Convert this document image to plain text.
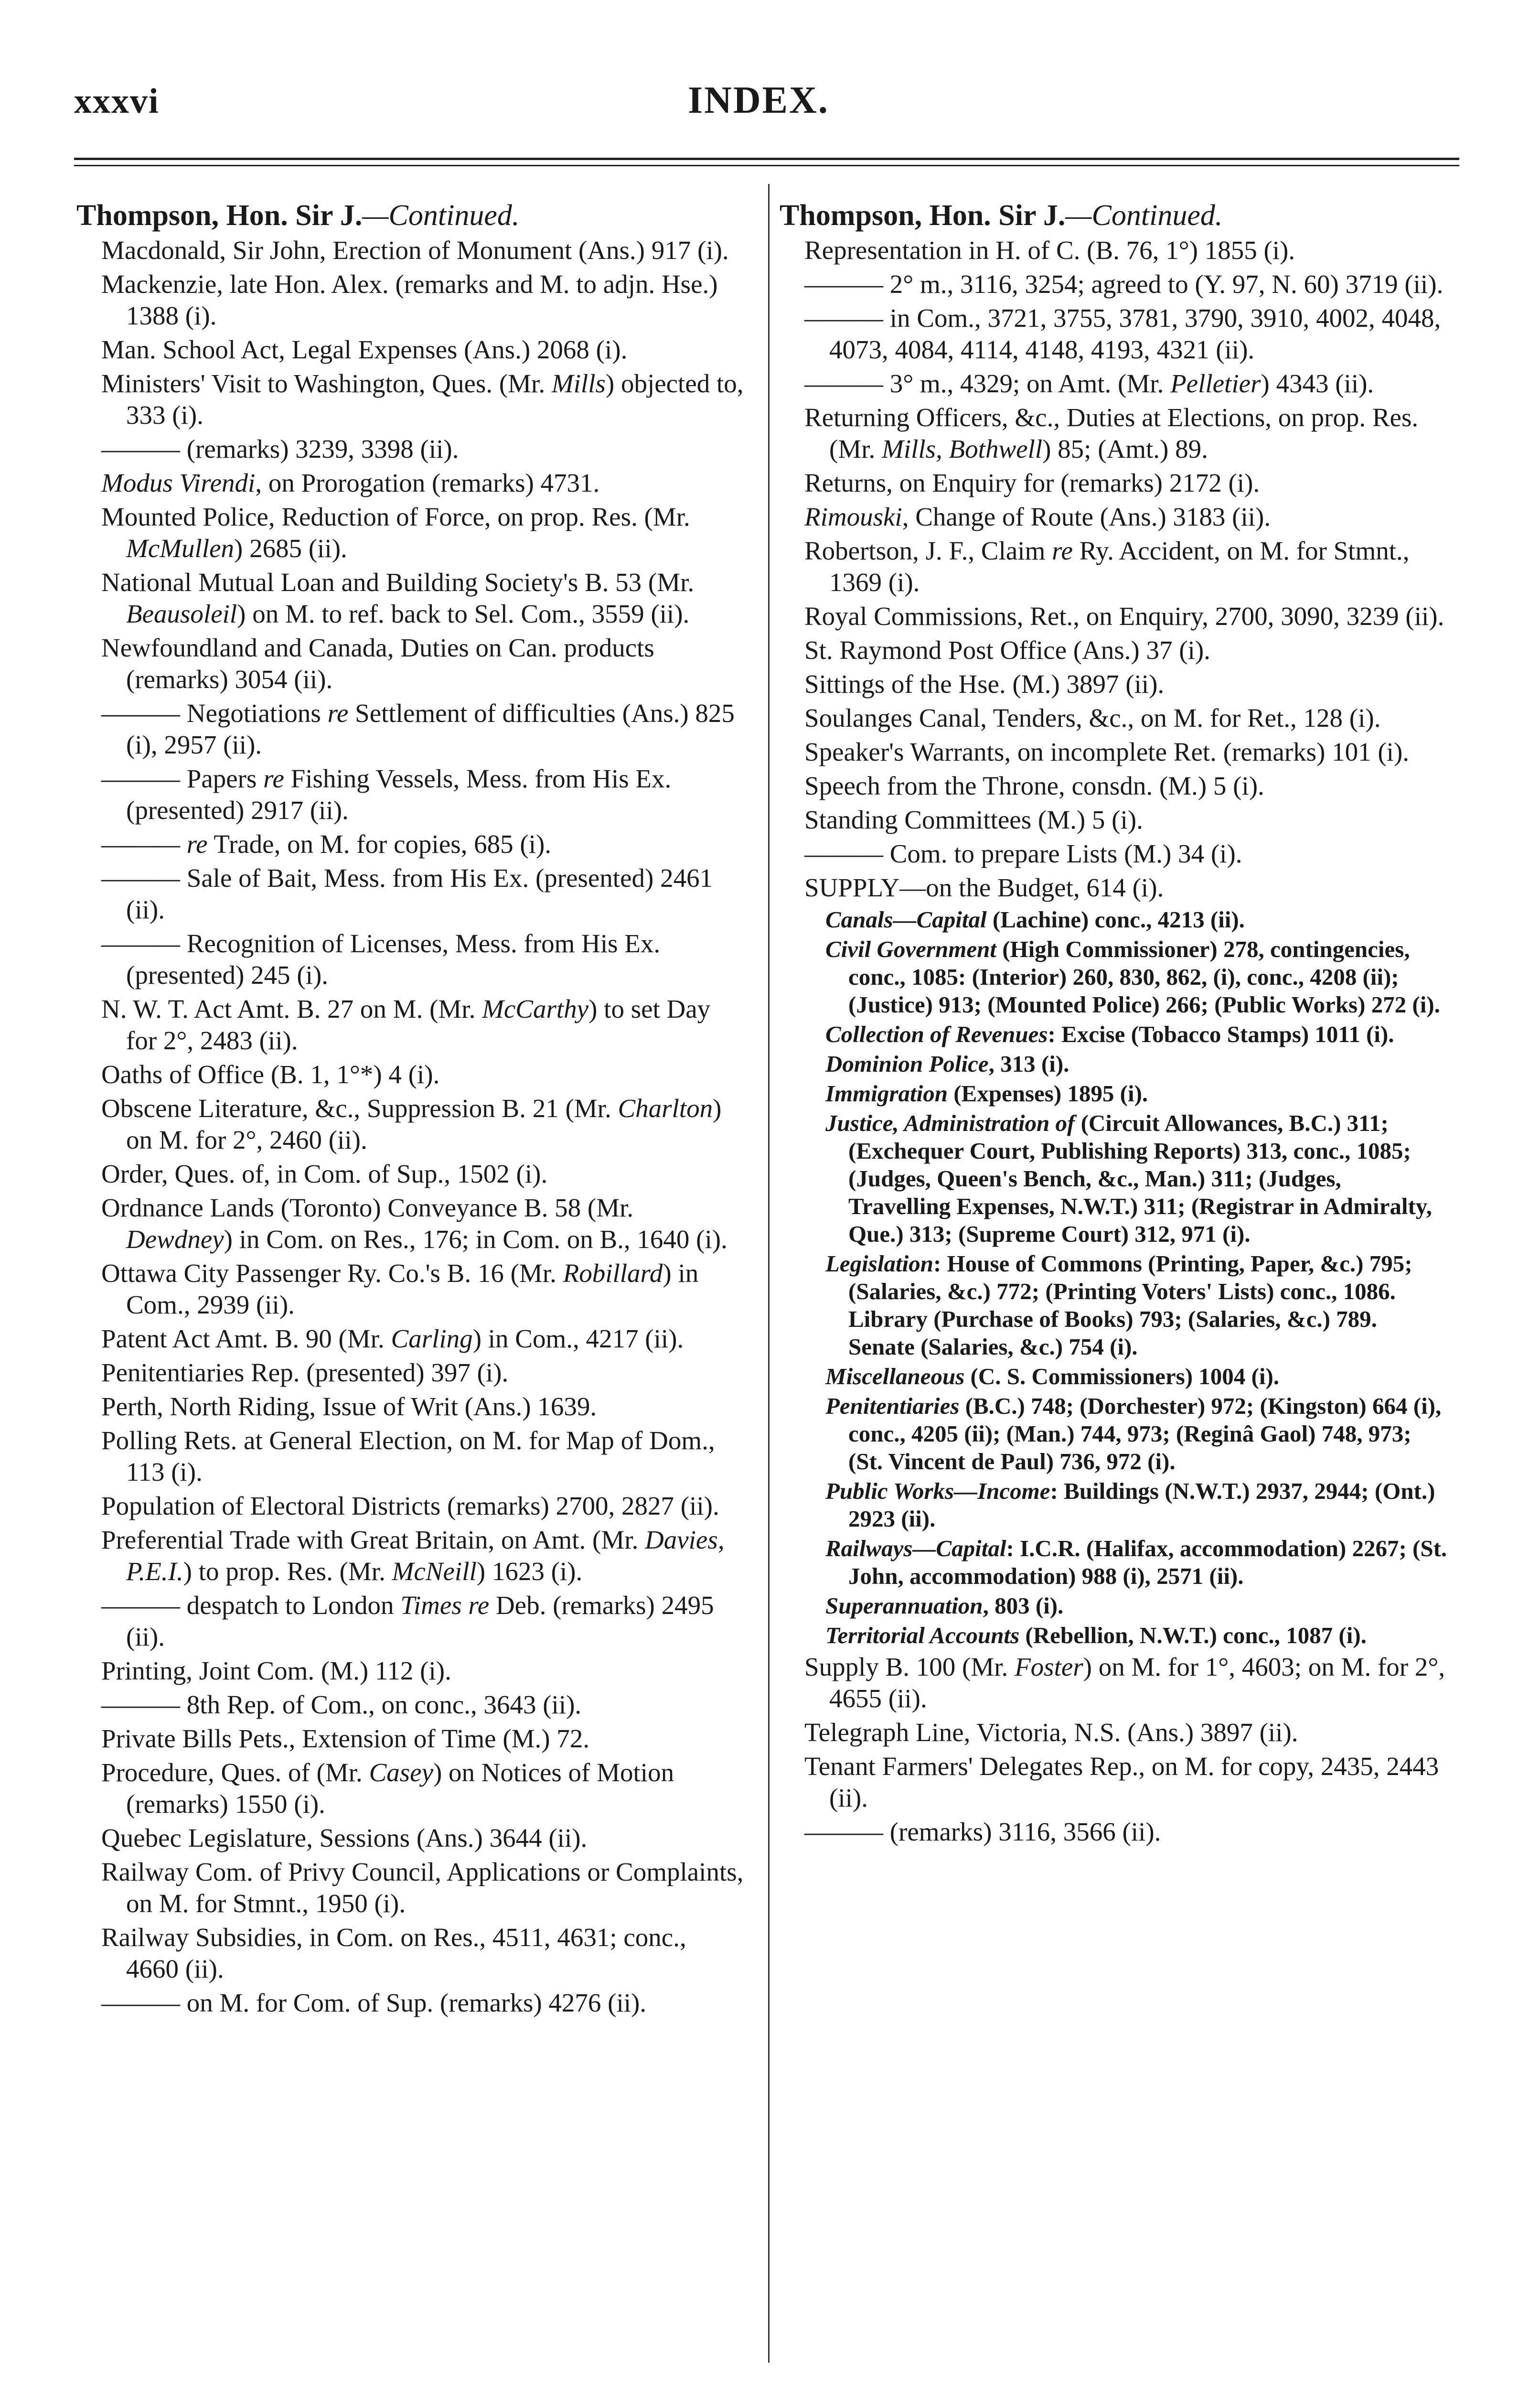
xxxvi	INDEX.
Thompson, Hon. Sir J.—Continued.
Macdonald, Sir John, Erection of Monument (Ans.) 917 (i).
Mackenzie, late Hon. Alex. (remarks and M. to adjn. Hse.) 1388 (i).
Man. School Act, Legal Expenses (Ans.) 2068 (i).
Ministers' Visit to Washington, Ques. (Mr. Mills) objected to, 333 (i).
——— (remarks) 3239, 3398 (ii).
Modus Virendi, on Prorogation (remarks) 4731.
Mounted Police, Reduction of Force, on prop. Res. (Mr. McMullen) 2685 (ii).
National Mutual Loan and Building Society's B. 53 (Mr. Beausoleil) on M. to ref. back to Sel. Com., 3559 (ii).
Newfoundland and Canada, Duties on Can. products (remarks) 3054 (ii).
——— Negotiations re Settlement of difficulties (Ans.) 825 (i), 2957 (ii).
——— Papers re Fishing Vessels, Mess. from His Ex. (presented) 2917 (ii).
——— re Trade, on M. for copies, 685 (i).
——— Sale of Bait, Mess. from His Ex. (presented) 2461 (ii).
——— Recognition of Licenses, Mess. from His Ex. (presented) 245 (i).
N. W. T. Act Amt. B. 27 on M. (Mr. McCarthy) to set Day for 2°, 2483 (ii).
Oaths of Office (B. 1, 1°*) 4 (i).
Obscene Literature, &c., Suppression B. 21 (Mr. Charlton) on M. for 2°, 2460 (ii).
Order, Ques. of, in Com. of Sup., 1502 (i).
Ordnance Lands (Toronto) Conveyance B. 58 (Mr. Dewdney) in Com. on Res., 176; in Com. on B., 1640 (i).
Ottawa City Passenger Ry. Co.'s B. 16 (Mr. Robillard) in Com., 2939 (ii).
Patent Act Amt. B. 90 (Mr. Carling) in Com., 4217 (ii).
Penitentiaries Rep. (presented) 397 (i).
Perth, North Riding, Issue of Writ (Ans.) 1639.
Polling Rets. at General Election, on M. for Map of Dom., 113 (i).
Population of Electoral Districts (remarks) 2700, 2827 (ii).
Preferential Trade with Great Britain, on Amt. (Mr. Davies, P.E.I.) to prop. Res. (Mr. McNeill) 1623 (i).
——— despatch to London Times re Deb. (remarks) 2495 (ii).
Printing, Joint Com. (M.) 112 (i).
——— 8th Rep. of Com., on conc., 3643 (ii).
Private Bills Pets., Extension of Time (M.) 72.
Procedure, Ques. of (Mr. Casey) on Notices of Motion (remarks) 1550 (i).
Quebec Legislature, Sessions (Ans.) 3644 (ii).
Railway Com. of Privy Council, Applications or Complaints, on M. for Stmnt., 1950 (i).
Railway Subsidies, in Com. on Res., 4511, 4631; conc., 4660 (ii).
——— on M. for Com. of Sup. (remarks) 4276 (ii).
Thompson, Hon. Sir J.—Continued.
Representation in H. of C. (B. 76, 1°) 1855 (i).
——— 2° m., 3116, 3254; agreed to (Y. 97, N. 60) 3719 (ii).
——— in Com., 3721, 3755, 3781, 3790, 3910, 4002, 4048, 4073, 4084, 4114, 4148, 4193, 4321 (ii).
——— 3° m., 4329; on Amt. (Mr. Pelletier) 4343 (ii).
Returning Officers, &c., Duties at Elections, on prop. Res. (Mr. Mills, Bothwell) 85; (Amt.) 89.
Returns, on Enquiry for (remarks) 2172 (i).
Rimouski, Change of Route (Ans.) 3183 (ii).
Robertson, J. F., Claim re Ry. Accident, on M. for Stmnt., 1369 (i).
Royal Commissions, Ret., on Enquiry, 2700, 3090, 3239 (ii).
St. Raymond Post Office (Ans.) 37 (i).
Sittings of the Hse. (M.) 3897 (ii).
Soulanges Canal, Tenders, &c., on M. for Ret., 128 (i).
Speaker's Warrants, on incomplete Ret. (remarks) 101 (i).
Speech from the Throne, consdn. (M.) 5 (i).
Standing Committees (M.) 5 (i).
——— Com. to prepare Lists (M.) 34 (i).
SUPPLY—on the Budget, 614 (i).
Canals—Capital (Lachine) conc., 4213 (ii).
Civil Government (High Commissioner) 278, contingencies, conc., 1085: (Interior) 260, 830, 862, (i), conc., 4208 (ii); (Justice) 913; (Mounted Police) 266; (Public Works) 272 (i).
Collection of Revenues: Excise (Tobacco Stamps) 1011 (i).
Dominion Police, 313 (i).
Immigration (Expenses) 1895 (i).
Justice, Administration of (Circuit Allowances, B.C.) 311; (Exchequer Court, Publishing Reports) 313, conc., 1085; (Judges, Queen's Bench, &c., Man.) 311; (Judges, Travelling Expenses, N.W.T.) 311; (Registrar in Admiralty, Que.) 313; (Supreme Court) 312, 971 (i).
Legislation: House of Commons (Printing, Paper, &c.) 795; (Salaries, &c.) 772; (Printing Voters' Lists) conc., 1086. Library (Purchase of Books) 793; (Salaries, &c.) 789. Senate (Salaries, &c.) 754 (i).
Miscellaneous (C. S. Commissioners) 1004 (i).
Penitentiaries (B.C.) 748; (Dorchester) 972; (Kingston) 664 (i), conc., 4205 (ii); (Man.) 744, 973; (Reginâ Gaol) 748, 973; (St. Vincent de Paul) 736, 972 (i).
Public Works—Income: Buildings (N.W.T.) 2937, 2944; (Ont.) 2923 (ii).
Railways—Capital: I.C.R. (Halifax, accommodation) 2267; (St. John, accommodation) 988 (i), 2571 (ii).
Superannuation, 803 (i).
Territorial Accounts (Rebellion, N.W.T.) conc., 1087 (i).
Supply B. 100 (Mr. Foster) on M. for 1°, 4603; on M. for 2°, 4655 (ii).
Telegraph Line, Victoria, N.S. (Ans.) 3897 (ii).
Tenant Farmers' Delegates Rep., on M. for copy, 2435, 2443 (ii).
——— (remarks) 3116, 3566 (ii).
